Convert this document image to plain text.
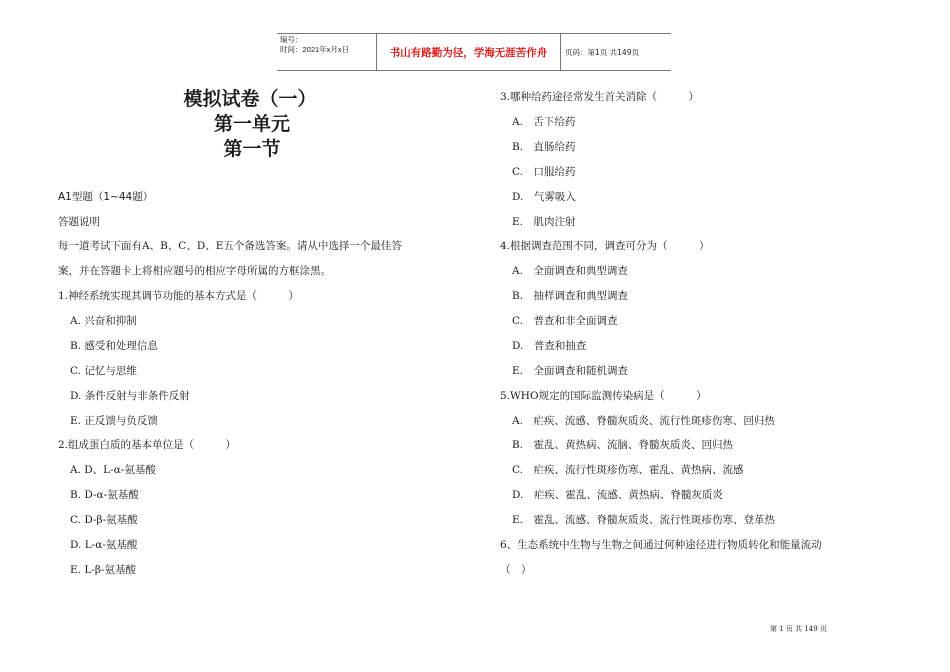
编号：
时间：2021年x月x日	书山有路勤为径，学海无涯苦作舟	页码：第1页 共149页
模拟试卷（一）
第一单元
第一节
A1型题（1~44题）
答题说明
每一道考试下面有A、B、C、D、E五个备选答案。请从中选择一个最佳答
案，并在答题卡上将相应题号的相应字母所属的方框涂黑。
1.神经系统实现其调节功能的基本方式是（　　　）
A. 兴奋和抑制
B. 感受和处理信息
C. 记忆与思维
D. 条件反射与非条件反射
E. 正反馈与负反馈
2.组成蛋白质的基本单位是（　　　）
A. D、L-α-氨基酸
B. D-α-氨基酸
C. D-β-氨基酸
D. L-α-氨基酸
E. L-β-氨基酸
3.哪种给药途径常发生首关消除（　　　）
A.　舌下给药
B.　直肠给药
C.　口服给药
D.　气雾吸入
E.　肌肉注射
4.根据调查范围不同，调查可分为（　　　）
A.　全面调查和典型调查
B.　抽样调查和典型调查
C.　普查和非全面调查
D.　普查和抽查
E.　全面调查和随机调查
5.WHO规定的国际监测传染病是（　　　）
A.　疟疾、流感、脊髓灰质炎、流行性斑疹伤寒、回归热
B.　霍乱、黄热病、流脑、脊髓灰质炎、回归热
C.　疟疾、流行性斑疹伤寒、霍乱、黄热病、流感
D.　疟疾、霍乱、流感、黄热病、脊髓灰质炎
E.　霍乱、流感、脊髓灰质炎、流行性斑疹伤寒、登革热
6、生态系统中生物与生物之间通过何种途径进行物质转化和能量流动
（　）
第 1 页 共 149 页
